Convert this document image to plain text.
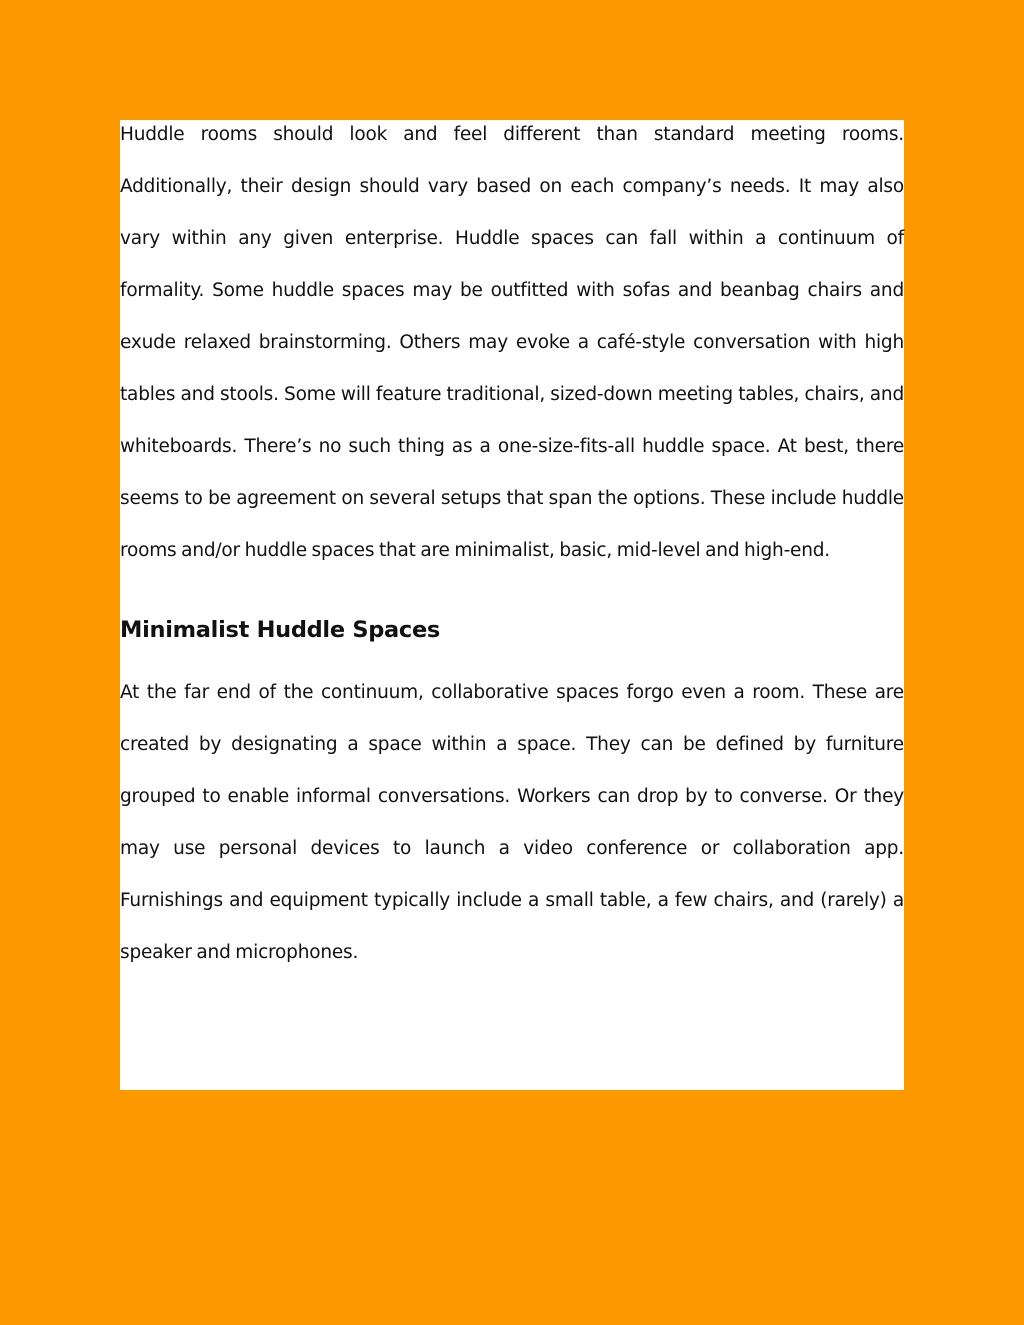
Huddle rooms should look and feel different than standard meeting rooms. Additionally, their design should vary based on each company’s needs. It may also vary within any given enterprise. Huddle spaces can fall within a continuum of formality. Some huddle spaces may be outfitted with sofas and beanbag chairs and exude relaxed brainstorming. Others may evoke a café-style conversation with high tables and stools. Some will feature traditional, sized-down meeting tables, chairs, and whiteboards. There’s no such thing as a one-size-fits-all huddle space. At best, there seems to be agreement on several setups that span the options. These include huddle rooms and/or huddle spaces that are minimalist, basic, mid-level and high-end.

Minimalist Huddle Spaces

At the far end of the continuum, collaborative spaces forgo even a room. These are created by designating a space within a space. They can be defined by furniture grouped to enable informal conversations. Workers can drop by to converse. Or they may use personal devices to launch a video conference or collaboration app. Furnishings and equipment typically include a small table, a few chairs, and (rarely) a speaker and microphones.
